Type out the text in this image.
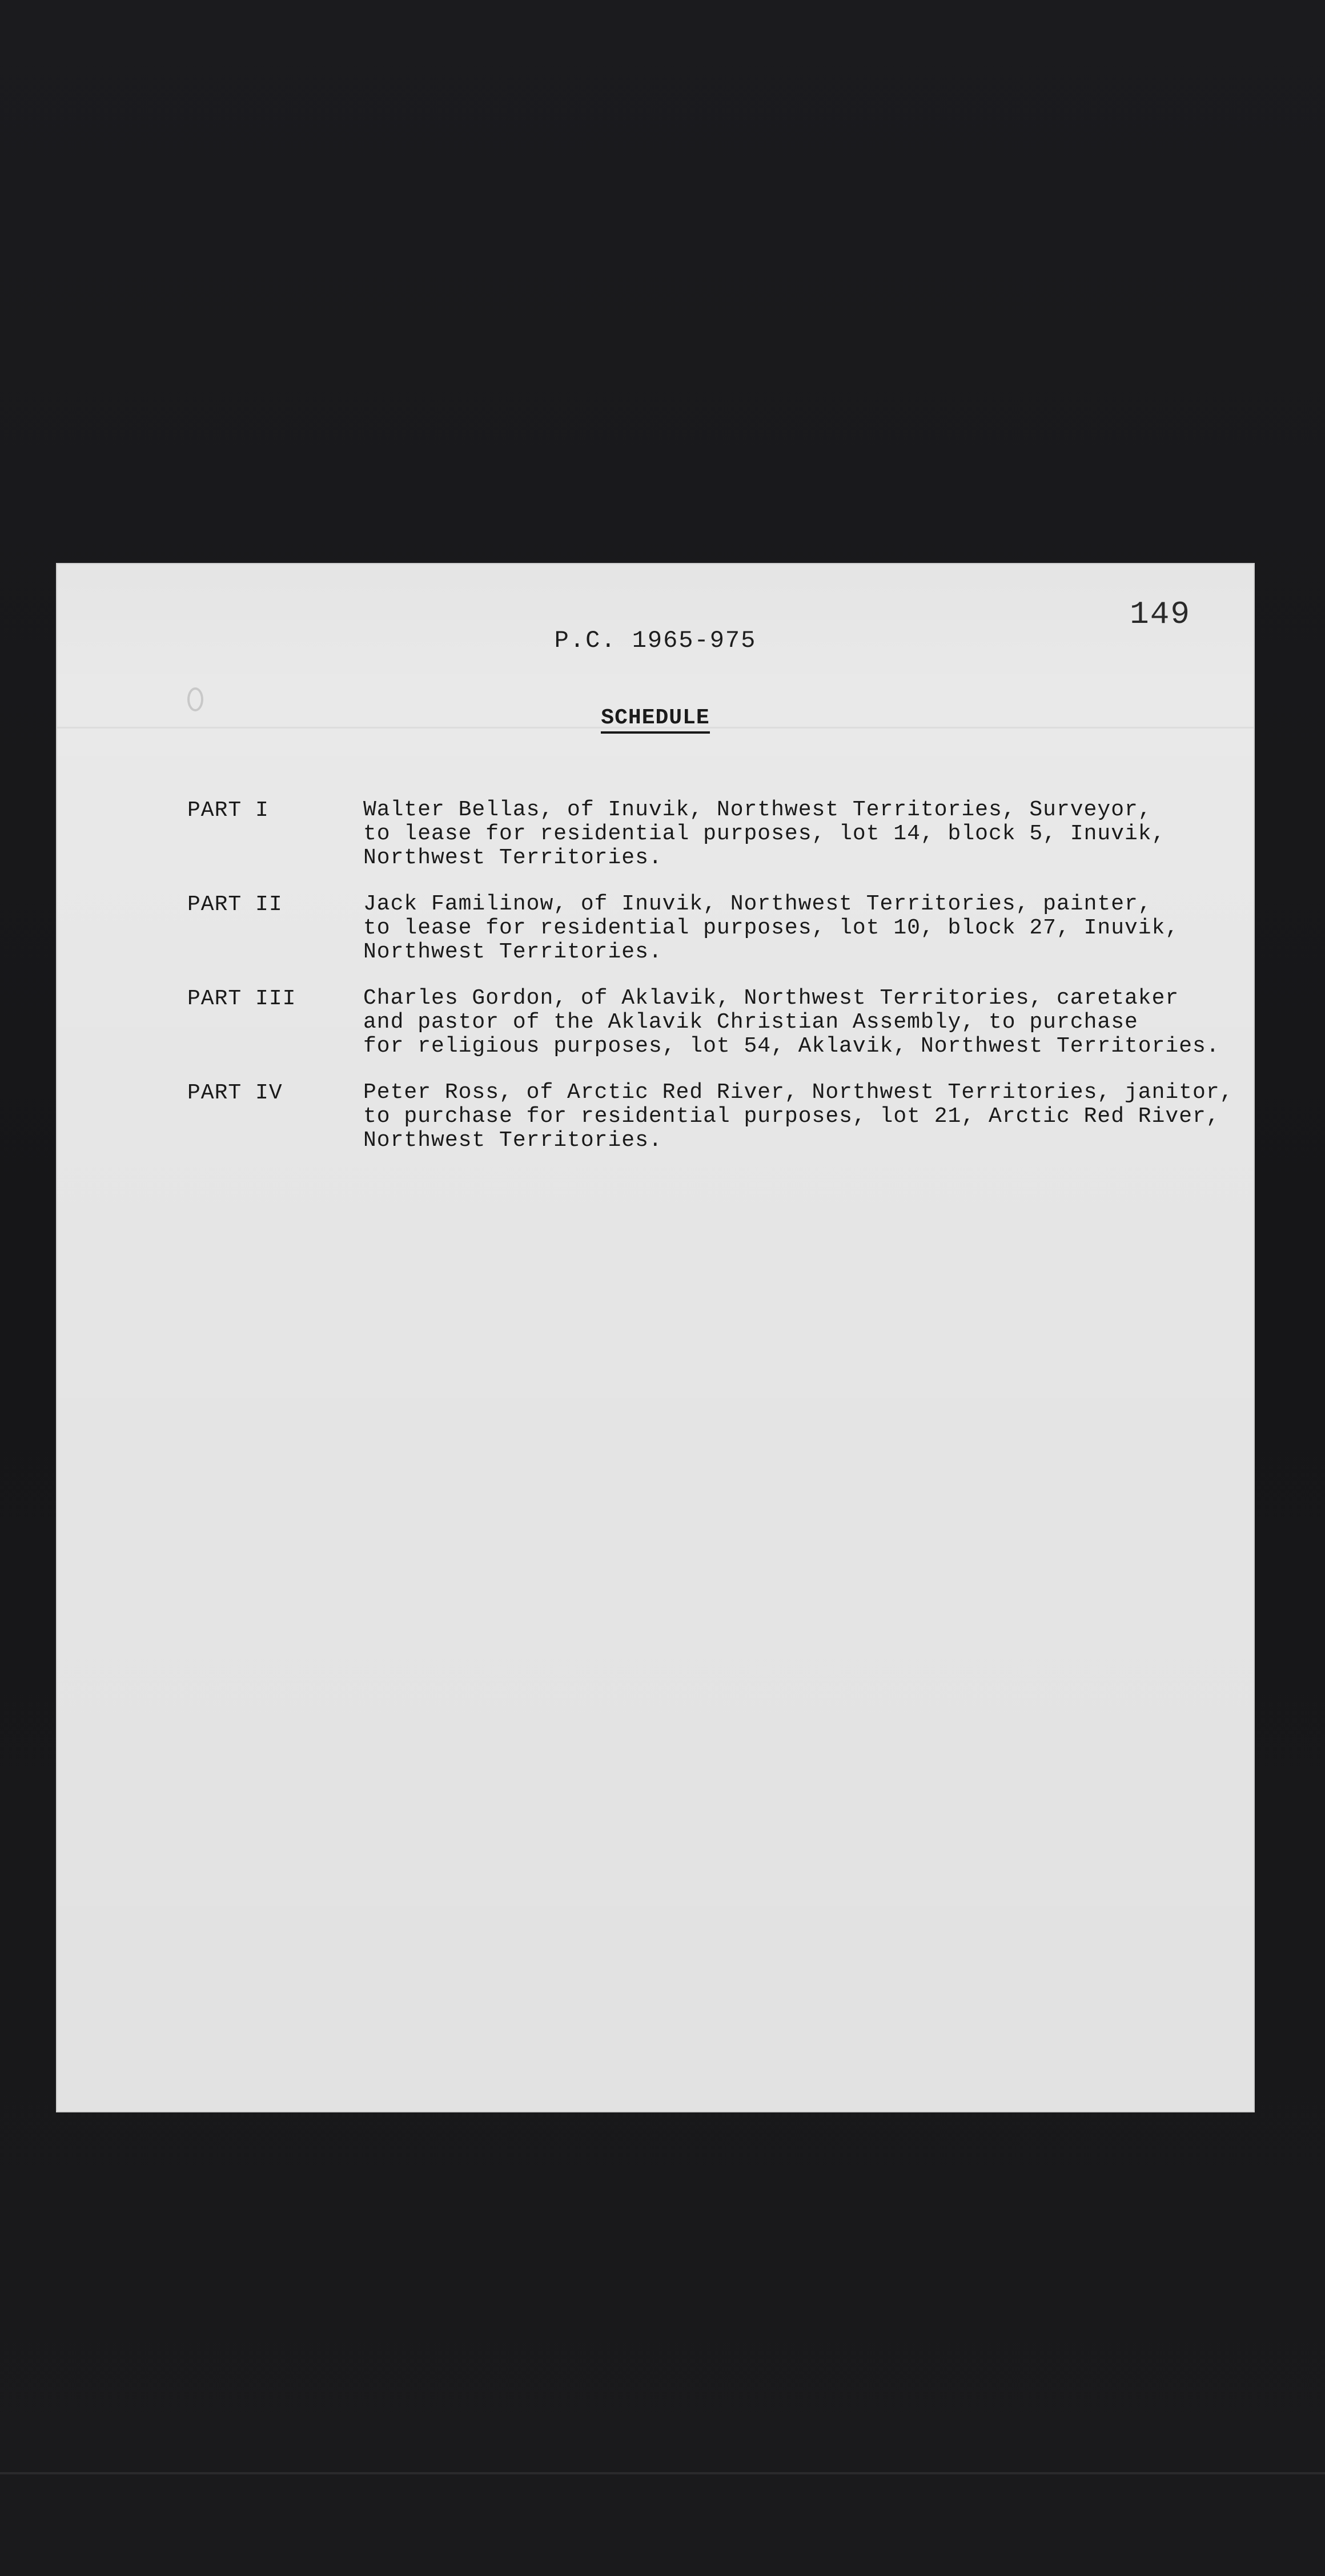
149
P.C. 1965-975
SCHEDULE
PART I	Walter Bellas, of Inuvik, Northwest Territories, Surveyor,
to lease for residential purposes, lot 14, block 5, Inuvik,
Northwest Territories.
PART II	Jack Familinow, of Inuvik, Northwest Territories, painter,
to lease for residential purposes, lot 10, block 27, Inuvik,
Northwest Territories.
PART III	Charles Gordon, of Aklavik, Northwest Territories, caretaker
and pastor of the Aklavik Christian Assembly, to purchase
for religious purposes, lot 54, Aklavik, Northwest Territories.
PART IV	Peter Ross, of Arctic Red River, Northwest Territories, janitor,
to purchase for residential purposes, lot 21, Arctic Red River,
Northwest Territories.
